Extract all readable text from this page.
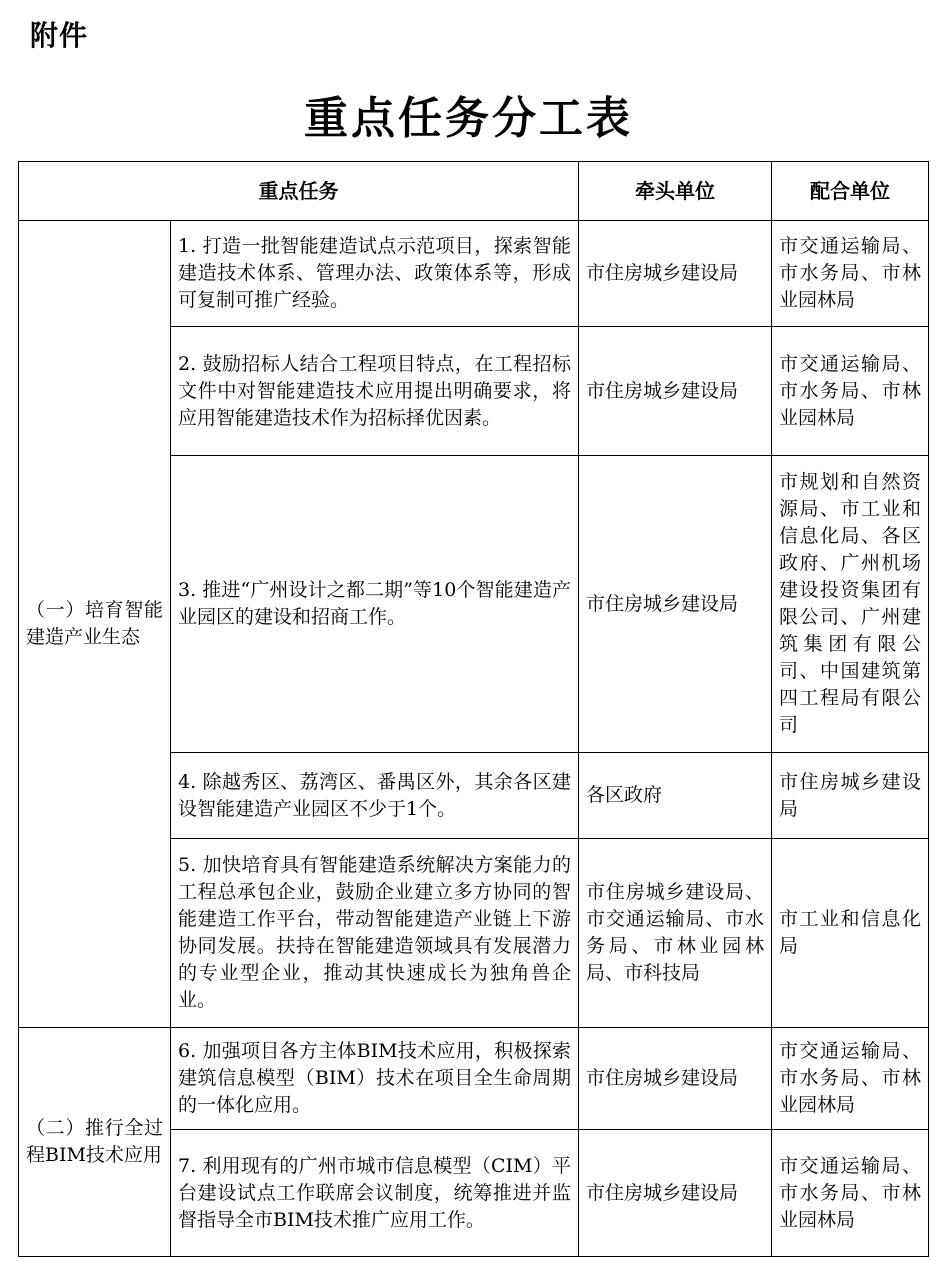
附件
重点任务分工表
重点任务		牵头单位	配合单位
（一）培育智能建造产业生态	1. 打造一批智能建造试点示范项目，探索智能建造技术体系、管理办法、政策体系等，形成可复制可推广经验。	市住房城乡建设局	市交通运输局、市水务局、市林业园林局
	2. 鼓励招标人结合工程项目特点，在工程招标文件中对智能建造技术应用提出明确要求，将应用智能建造技术作为招标择优因素。	市住房城乡建设局	市交通运输局、市水务局、市林业园林局
	3. 推进“广州设计之都二期”等10个智能建造产业园区的建设和招商工作。	市住房城乡建设局	市规划和自然资源局、市工业和信息化局、各区政府、广州机场建设投资集团有限公司、广州建筑集团有限公司、中国建筑第四工程局有限公司
	4. 除越秀区、荔湾区、番禺区外，其余各区建设智能建造产业园区不少于1个。	各区政府	市住房城乡建设局
	5. 加快培育具有智能建造系统解决方案能力的工程总承包企业，鼓励企业建立多方协同的智能建造工作平台，带动智能建造产业链上下游协同发展。扶持在智能建造领域具有发展潜力的专业型企业，推动其快速成长为独角兽企业。	市住房城乡建设局、市交通运输局、市水务局、市林业园林局、市科技局	市工业和信息化局
（二）推行全过程BIM技术应用	6. 加强项目各方主体BIM技术应用，积极探索建筑信息模型（BIM）技术在项目全生命周期的一体化应用。	市住房城乡建设局	市交通运输局、市水务局、市林业园林局
	7. 利用现有的广州市城市信息模型（CIM）平台建设试点工作联席会议制度，统筹推进并监督指导全市BIM技术推广应用工作。	市住房城乡建设局	市交通运输局、市水务局、市林业园林局
